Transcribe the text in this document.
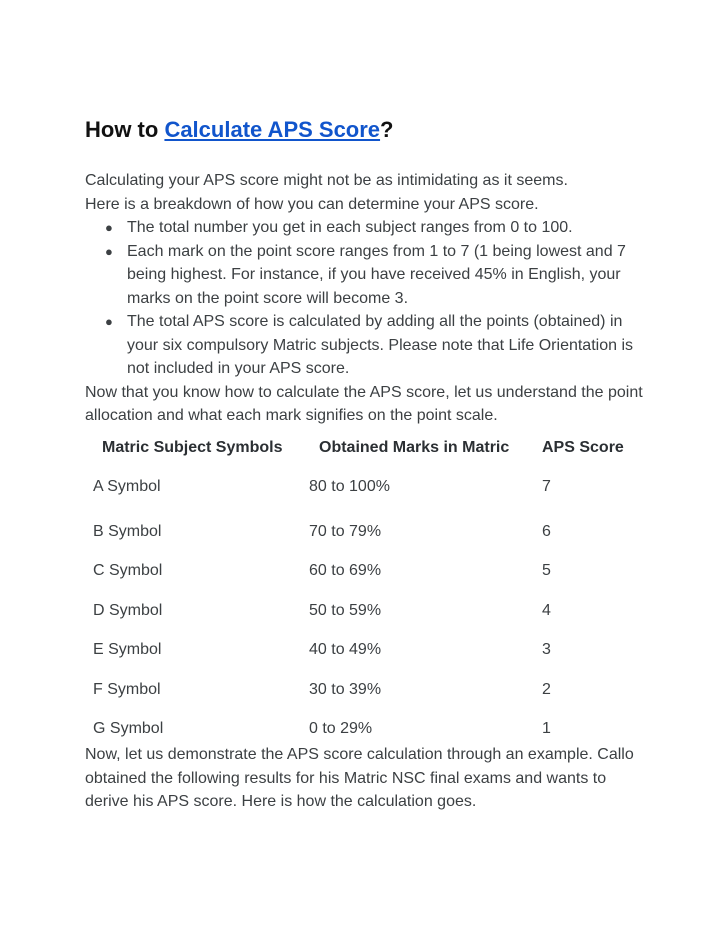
How to Calculate APS Score?

Calculating your APS score might not be as intimidating as it seems.

Here is a breakdown of how you can determine your APS score.

● The total number you get in each subject ranges from 0 to 100.
● Each mark on the point score ranges from 1 to 7 (1 being lowest and 7 being highest. For instance, if you have received 45% in English, your marks on the point score will become 3.
● The total APS score is calculated by adding all the points (obtained) in your six compulsory Matric subjects. Please note that Life Orientation is not included in your APS score.

Now that you know how to calculate the APS score, let us understand the point allocation and what each mark signifies on the point scale.

Matric Subject Symbols	Obtained Marks in Matric	APS Score
A Symbol	80 to 100%	7
B Symbol	70 to 79%	6
C Symbol	60 to 69%	5
D Symbol	50 to 59%	4
E Symbol	40 to 49%	3
F Symbol	30 to 39%	2
G Symbol	0 to 29%	1

Now, let us demonstrate the APS score calculation through an example. Callo obtained the following results for his Matric NSC final exams and wants to derive his APS score. Here is how the calculation goes.
